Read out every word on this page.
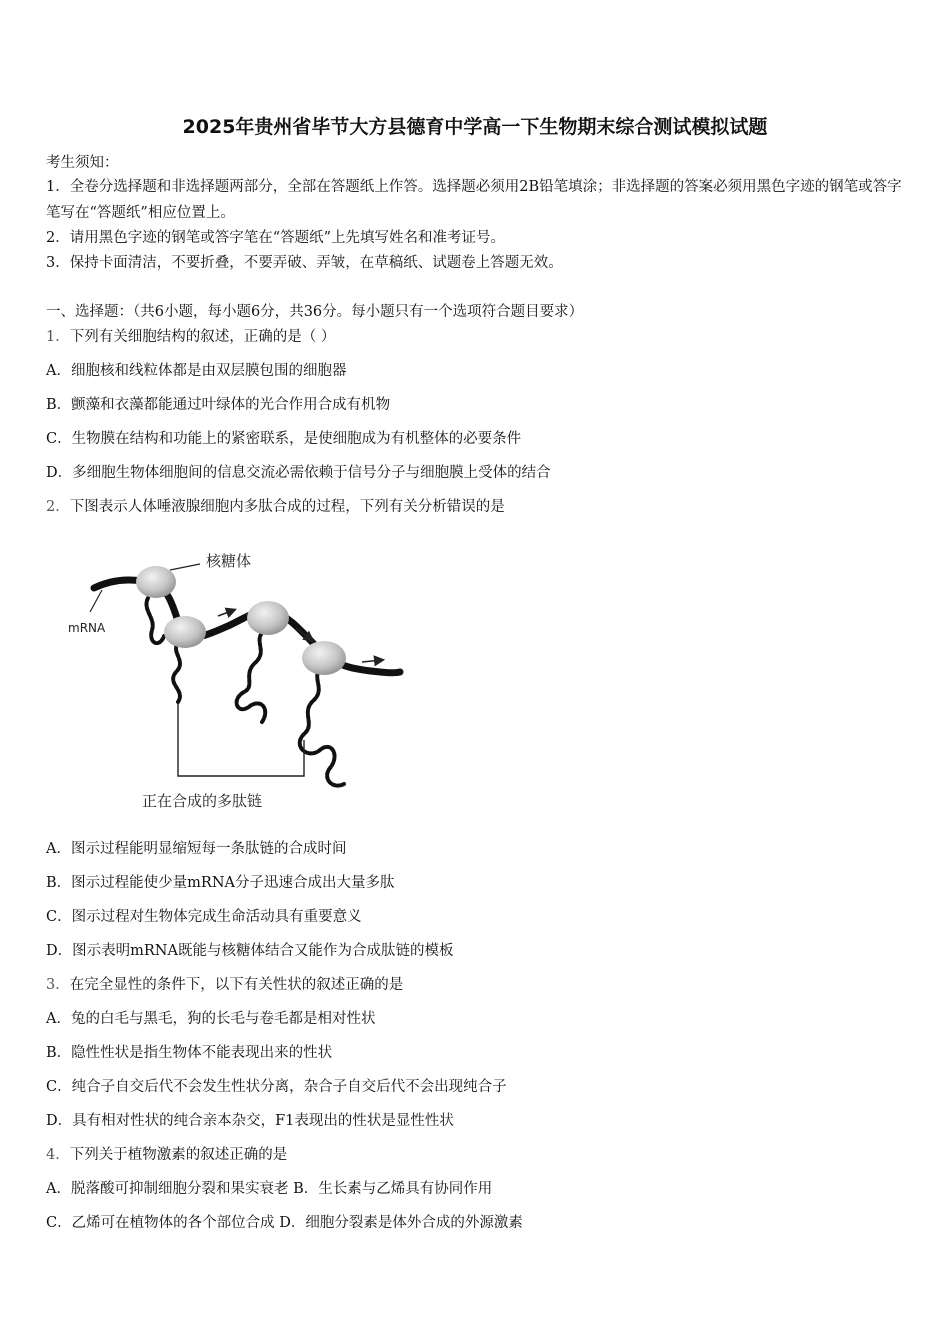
2025年贵州省毕节大方县德育中学高一下生物期末综合测试模拟试题
考生须知：
1．全卷分选择题和非选择题两部分，全部在答题纸上作答。选择题必须用2B铅笔填涂；非选择题的答案必须用黑色字迹的钢笔或答字笔写在“答题纸”相应位置上。
2．请用黑色字迹的钢笔或答字笔在“答题纸”上先填写姓名和准考证号。
3．保持卡面清洁，不要折叠，不要弄破、弄皱，在草稿纸、试题卷上答题无效。
一、选择题：（共6小题，每小题6分，共36分。每小题只有一个选项符合题目要求）
1．下列有关细胞结构的叙述，正确的是（ ）
A．细胞核和线粒体都是由双层膜包围的细胞器
B．颤藻和衣藻都能通过叶绿体的光合作用合成有机物
C．生物膜在结构和功能上的紧密联系，是使细胞成为有机整体的必要条件
D．多细胞生物体细胞间的信息交流必需依赖于信号分子与细胞膜上受体的结合
2．下图表示人体唾液腺细胞内多肽合成的过程，下列有关分析错误的是
核糖体
mRNA
正在合成的多肽链
A．图示过程能明显缩短每一条肽链的合成时间
B．图示过程能使少量mRNA分子迅速合成出大量多肽
C．图示过程对生物体完成生命活动具有重要意义
D．图示表明mRNA既能与核糖体结合又能作为合成肽链的模板
3．在完全显性的条件下，以下有关性状的叙述正确的是
A．兔的白毛与黑毛，狗的长毛与卷毛都是相对性状
B．隐性性状是指生物体不能表现出来的性状
C．纯合子自交后代不会发生性状分离，杂合子自交后代不会出现纯合子
D．具有相对性状的纯合亲本杂交，F1表现出的性状是显性性状
4．下列关于植物激素的叙述正确的是
A．脱落酸可抑制细胞分裂和果实衰老 B．生长素与乙烯具有协同作用
C．乙烯可在植物体的各个部位合成 D．细胞分裂素是体外合成的外源激素
